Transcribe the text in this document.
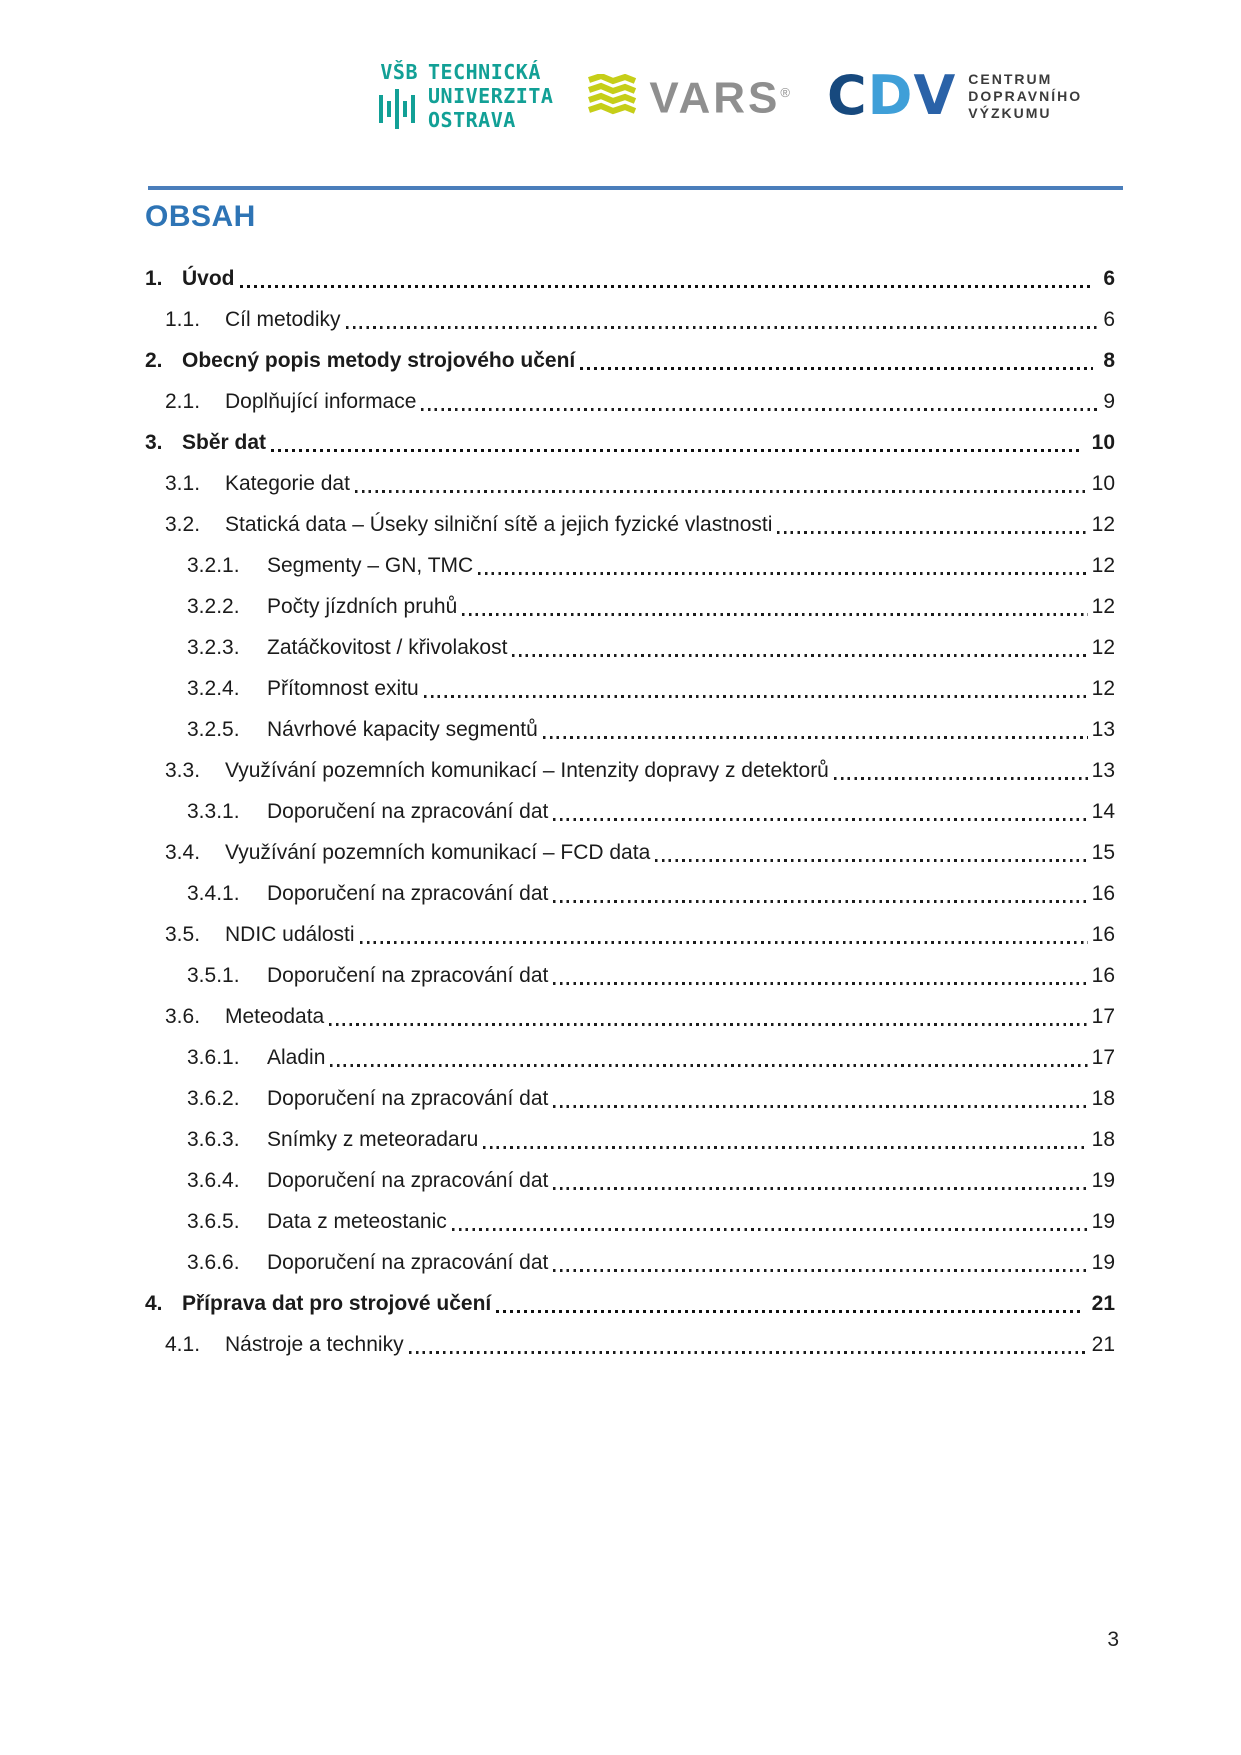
VŠB TECHNICKÁ
UNIVERZITA
OSTRAVA	VARS® CDV CENTRUM
DOPRAVNÍHO
VÝZKUMU
OBSAH
1. Úvod	6
1.1.	Cíl metodiky	6
2. Obecný popis metody strojového učení	8
2.1.	Doplňující informace	9
3. Sběr dat	10
3.1.	Kategorie dat	10
3.2.	Statická data – Úseky silniční sítě a jejich fyzické vlastnosti	12
3.2.1.	Segmenty – GN, TMC	12
3.2.2.	Počty jízdních pruhů	12
3.2.3.	Zatáčkovitost / křivolakost	12
3.2.4.	Přítomnost exitu	12
3.2.5.	Návrhové kapacity segmentů	13
3.3.	Využívání pozemních komunikací – Intenzity dopravy z detektorů	13
3.3.1.	Doporučení na zpracování dat	14
3.4.	Využívání pozemních komunikací – FCD data	15
3.4.1.	Doporučení na zpracování dat	16
3.5.	NDIC události	16
3.5.1.	Doporučení na zpracování dat	16
3.6.	Meteodata	17
3.6.1.	Aladin	17
3.6.2.	Doporučení na zpracování dat	18
3.6.3.	Snímky z meteoradaru	18
3.6.4.	Doporučení na zpracování dat	19
3.6.5.	Data z meteostanic	19
3.6.6.	Doporučení na zpracování dat	19
4. Příprava dat pro strojové učení	21
4.1.	Nástroje a techniky	21
3
